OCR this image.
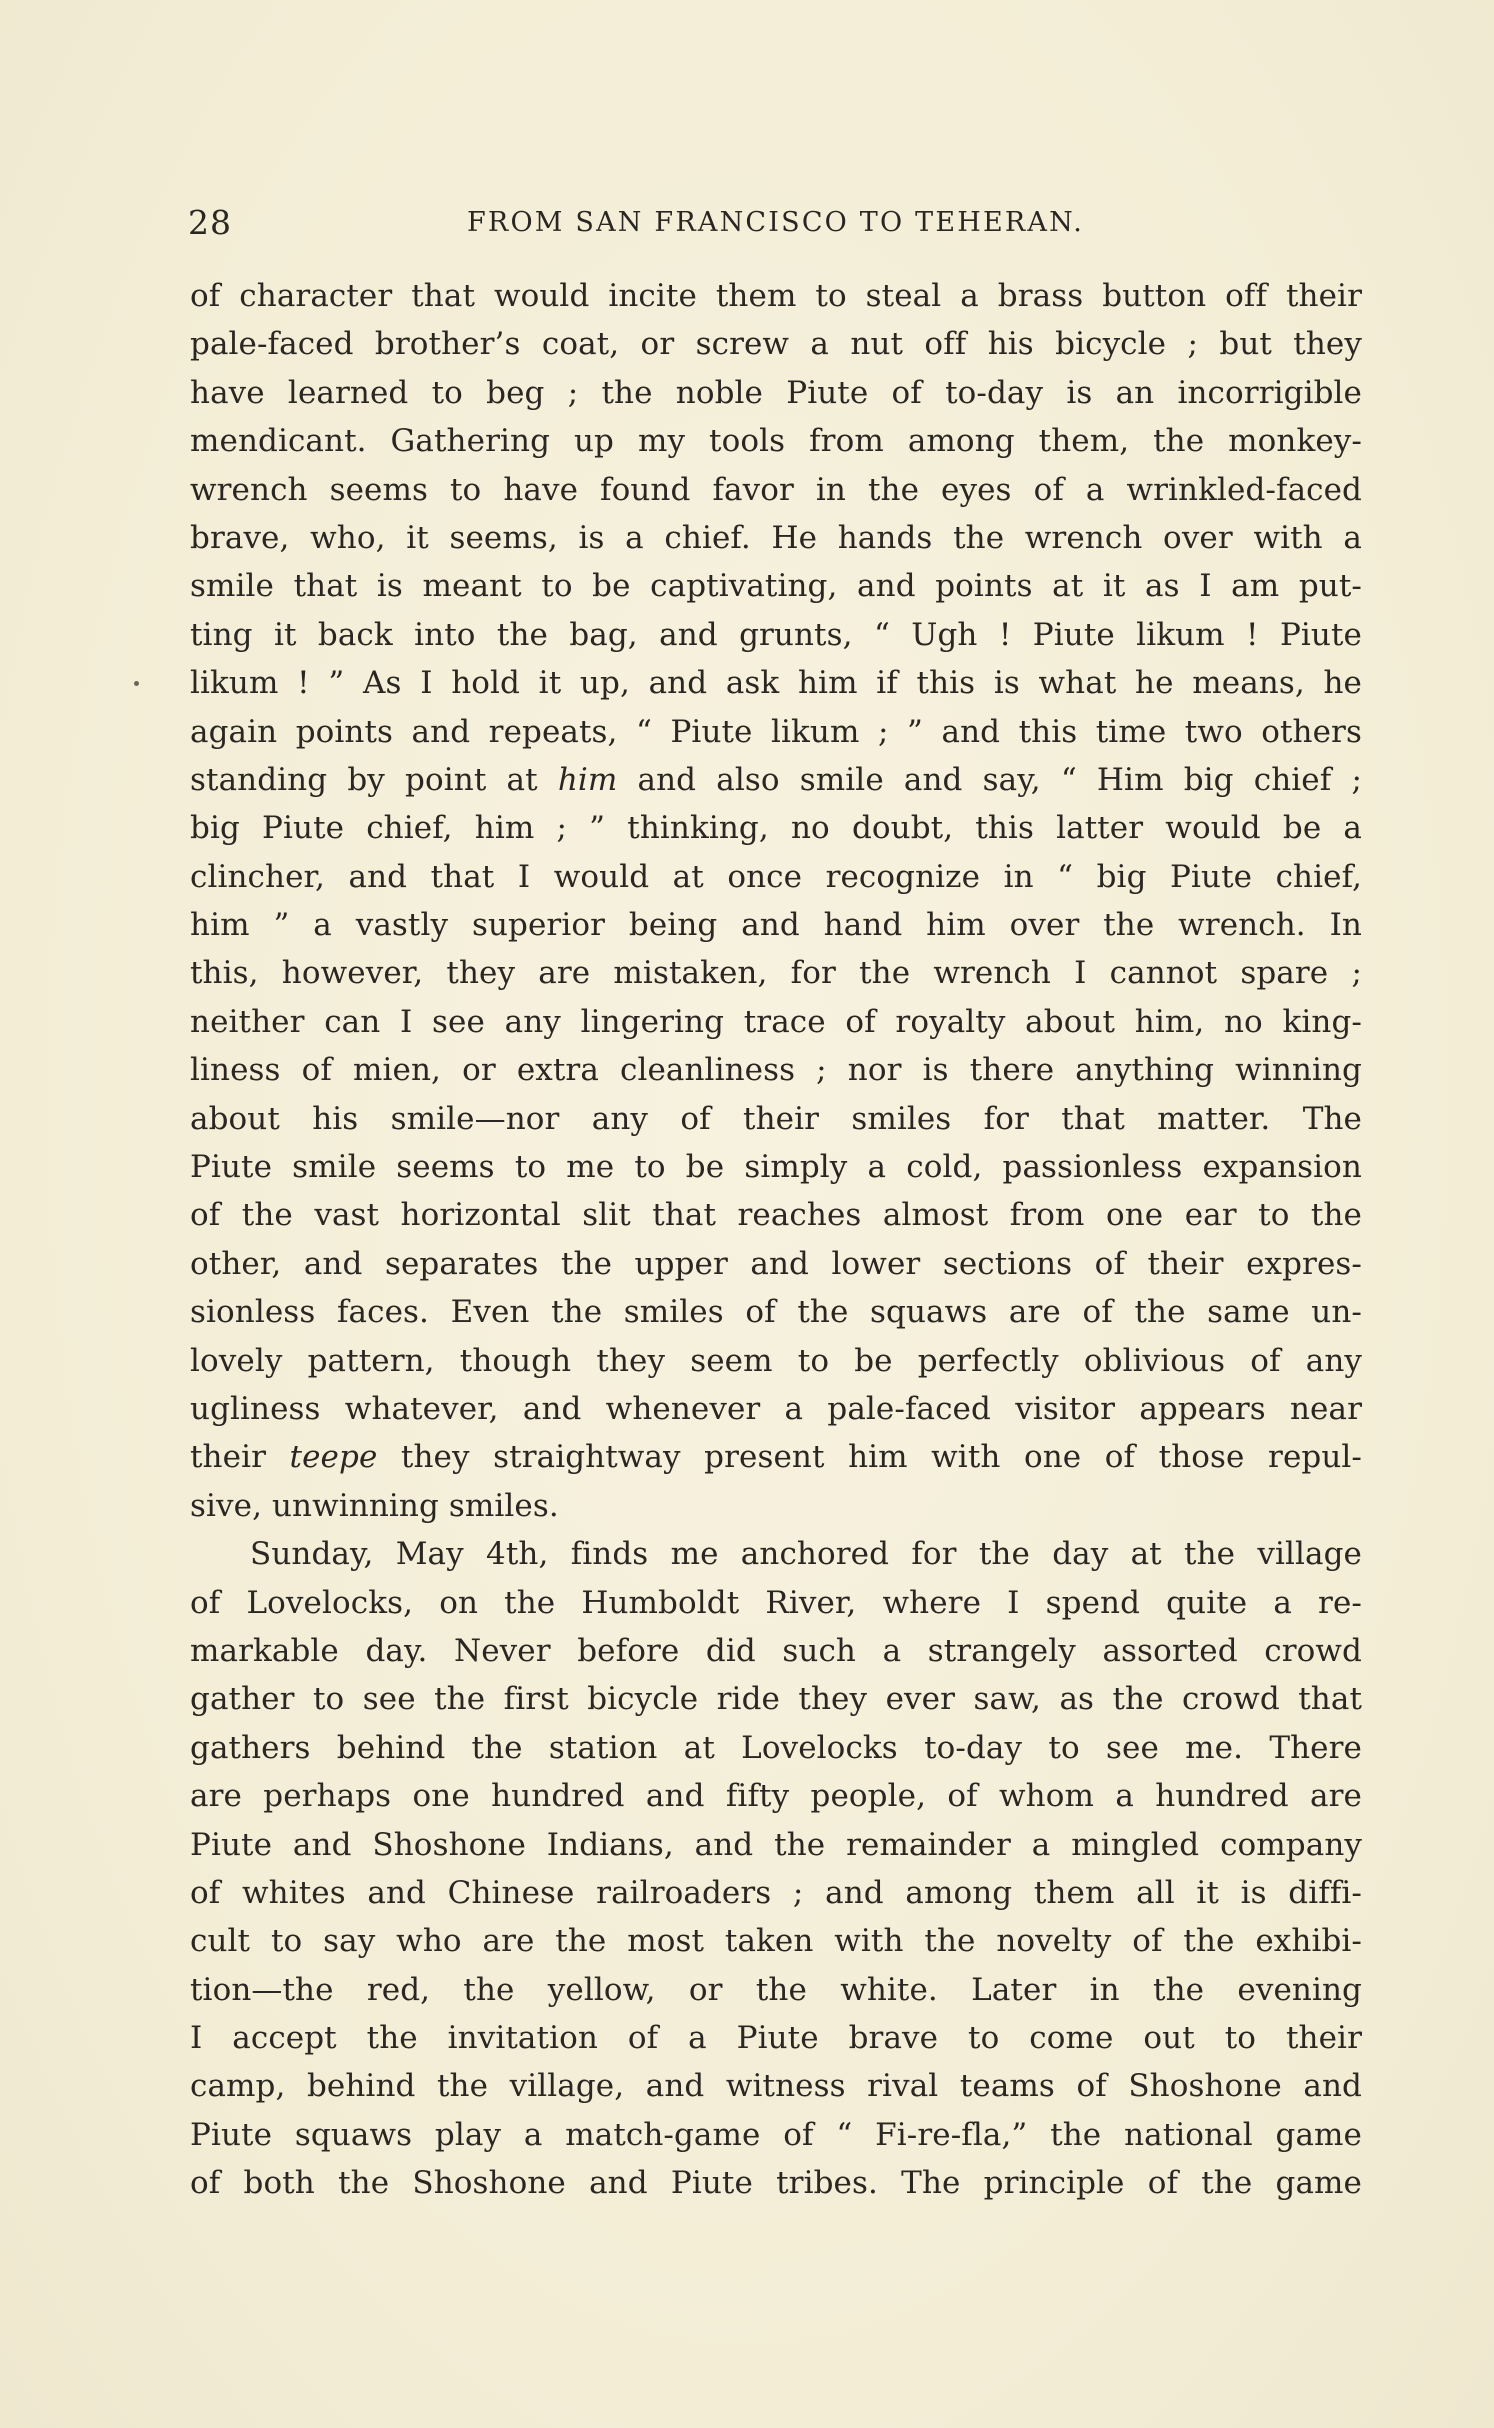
28	FROM SAN FRANCISCO TO TEHERAN.
of character that would incite them to steal a brass button off their
pale-faced brother’s coat, or screw a nut off his bicycle ; but they
have learned to beg ; the noble Piute of to-day is an incorrigible
mendicant. Gathering up my tools from among them, the monkey-
wrench seems to have found favor in the eyes of a wrinkled-faced
brave, who, it seems, is a chief. He hands the wrench over with a
smile that is meant to be captivating, and points at it as I am put-
ting it back into the bag, and grunts, “ Ugh ! Piute likum ! Piute
likum ! ” As I hold it up, and ask him if this is what he means, he
again points and repeats, “ Piute likum ; ” and this time two others
standing by point at him and also smile and say, “ Him big chief ;
big Piute chief, him ; ” thinking, no doubt, this latter would be a
clincher, and that I would at once recognize in “ big Piute chief,
him ” a vastly superior being and hand him over the wrench. In
this, however, they are mistaken, for the wrench I cannot spare ;
neither can I see any lingering trace of royalty about him, no king-
liness of mien, or extra cleanliness ; nor is there anything winning
about his smile—nor any of their smiles for that matter. The
Piute smile seems to me to be simply a cold, passionless expansion
of the vast horizontal slit that reaches almost from one ear to the
other, and separates the upper and lower sections of their expres-
sionless faces. Even the smiles of the squaws are of the same un-
lovely pattern, though they seem to be perfectly oblivious of any
ugliness whatever, and whenever a pale-faced visitor appears near
their teepe they straightway present him with one of those repul-
sive, unwinning smiles.
Sunday, May 4th, finds me anchored for the day at the village
of Lovelocks, on the Humboldt River, where I spend quite a re-
markable day. Never before did such a strangely assorted crowd
gather to see the first bicycle ride they ever saw, as the crowd that
gathers behind the station at Lovelocks to-day to see me. There
are perhaps one hundred and fifty people, of whom a hundred are
Piute and Shoshone Indians, and the remainder a mingled company
of whites and Chinese railroaders ; and among them all it is diffi-
cult to say who are the most taken with the novelty of the exhibi-
tion—the red, the yellow, or the white. Later in the evening
I accept the invitation of a Piute brave to come out to their
camp, behind the village, and witness rival teams of Shoshone and
Piute squaws play a match-game of “ Fi-re-fla,” the national game
of both the Shoshone and Piute tribes. The principle of the game
